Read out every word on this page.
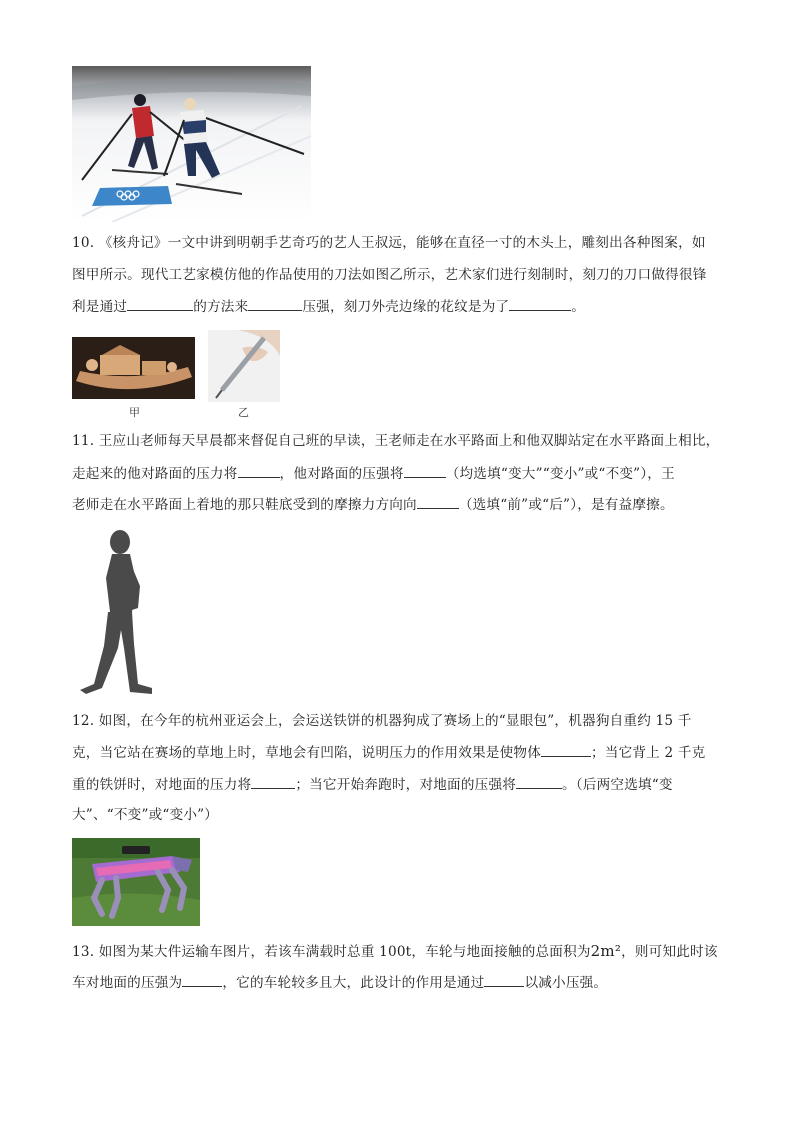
10. 《核舟记》一文中讲到明朝手艺奇巧的艺人王叔远，能够在直径一寸的木头上，雕刻出各种图案，如
图甲所示。现代工艺家模仿他的作品使用的刀法如图乙所示，艺术家们进行刻制时，刻刀的刀口做得很锋
利是通过	的方法来	压强，刻刀外壳边缘的花纹是为了	。
甲	乙
11. 王应山老师每天早晨都来督促自己班的早读，王老师走在水平路面上和他双脚站定在水平路面上相比，
走起来的他对路面的压力将	，他对路面的压强将	（均选填“变大”“变小”或“不变”），王
老师走在水平路面上着地的那只鞋底受到的摩擦力方向向	（选填“前”或“后”），是有益摩擦。
12. 如图，在今年的杭州亚运会上，会运送铁饼的机器狗成了赛场上的“显眼包”，机器狗自重约 15 千
克，当它站在赛场的草地上时，草地会有凹陷，说明压力的作用效果是使物体	；当它背上 2 千克
重的铁饼时，对地面的压力将	；当它开始奔跑时，对地面的压强将	。（后两空选填“变
大”、“不变”或“变小”）
13. 如图为某大件运输车图片，若该车满载时总重 100t，车轮与地面接触的总面积为2m²，则可知此时该
车对地面的压强为	，它的车轮较多且大，此设计的作用是通过	以减小压强。
